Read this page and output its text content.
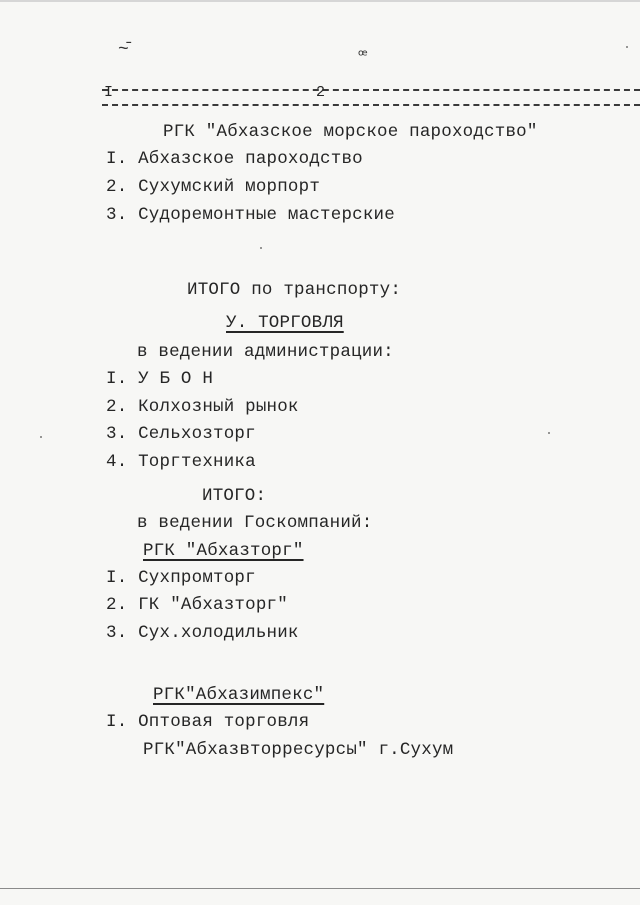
~̄	ꟹ
I	2
РГК "Абхазское морское пароходство"
I. Абхазское пароходство
2. Сухумский морпорт
3. Судоремонтные мастерские
ИТОГО по транспорту:
У. ТОРГОВЛЯ
в ведении администрации:
I. У Б О Н
2. Колхозный рынок
3. Сельхозторг
4. Торгтехника
ИТОГО:
в ведении Госкомпаний:
РГК "Абхазторг"
I. Сухпромторг
2. ГК "Абхазторг"
3. Сух.холодильник
РГК"Абхазимпекс"
I. Оптовая торговля
РГК"Абхазвторресурсы" г.Сухум
